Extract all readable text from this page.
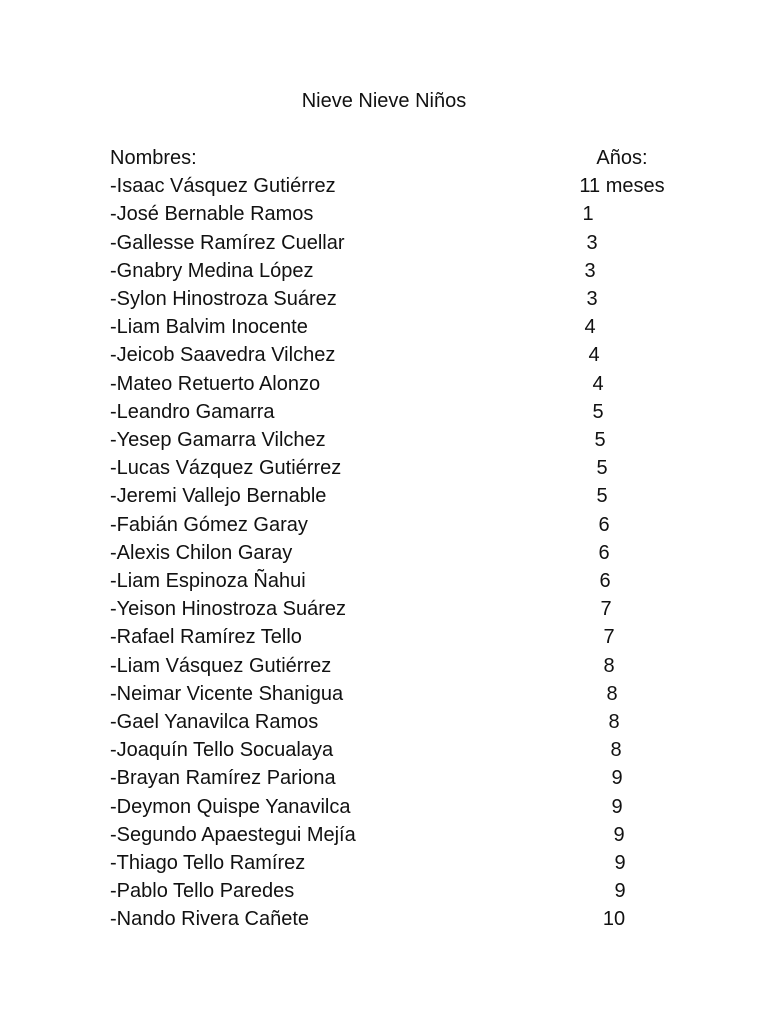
Nieve Nieve Niños
Nombres:	Años:
-Isaac Vásquez Gutiérrez	11 meses
-José Bernable Ramos	1
-Gallesse Ramírez Cuellar	3
-Gnabry Medina López	3
-Sylon Hinostroza Suárez	3
-Liam Balvim Inocente	4
-Jeicob Saavedra Vilchez	4
-Mateo Retuerto Alonzo	4
-Leandro Gamarra	5
-Yesep Gamarra Vilchez	5
-Lucas Vázquez Gutiérrez	5
-Jeremi Vallejo Bernable	5
-Fabián Gómez Garay	6
-Alexis Chilon Garay	6
-Liam Espinoza Ñahui	6
-Yeison Hinostroza Suárez	7
-Rafael Ramírez Tello	7
-Liam Vásquez Gutiérrez	8
-Neimar Vicente Shanigua	8
-Gael Yanavilca Ramos	8
-Joaquín Tello Socualaya	8
-Brayan Ramírez Pariona	9
-Deymon Quispe Yanavilca	9
-Segundo Apaestegui Mejía	9
-Thiago Tello Ramírez	9
-Pablo Tello Paredes	9
-Nando Rivera Cañete	10
